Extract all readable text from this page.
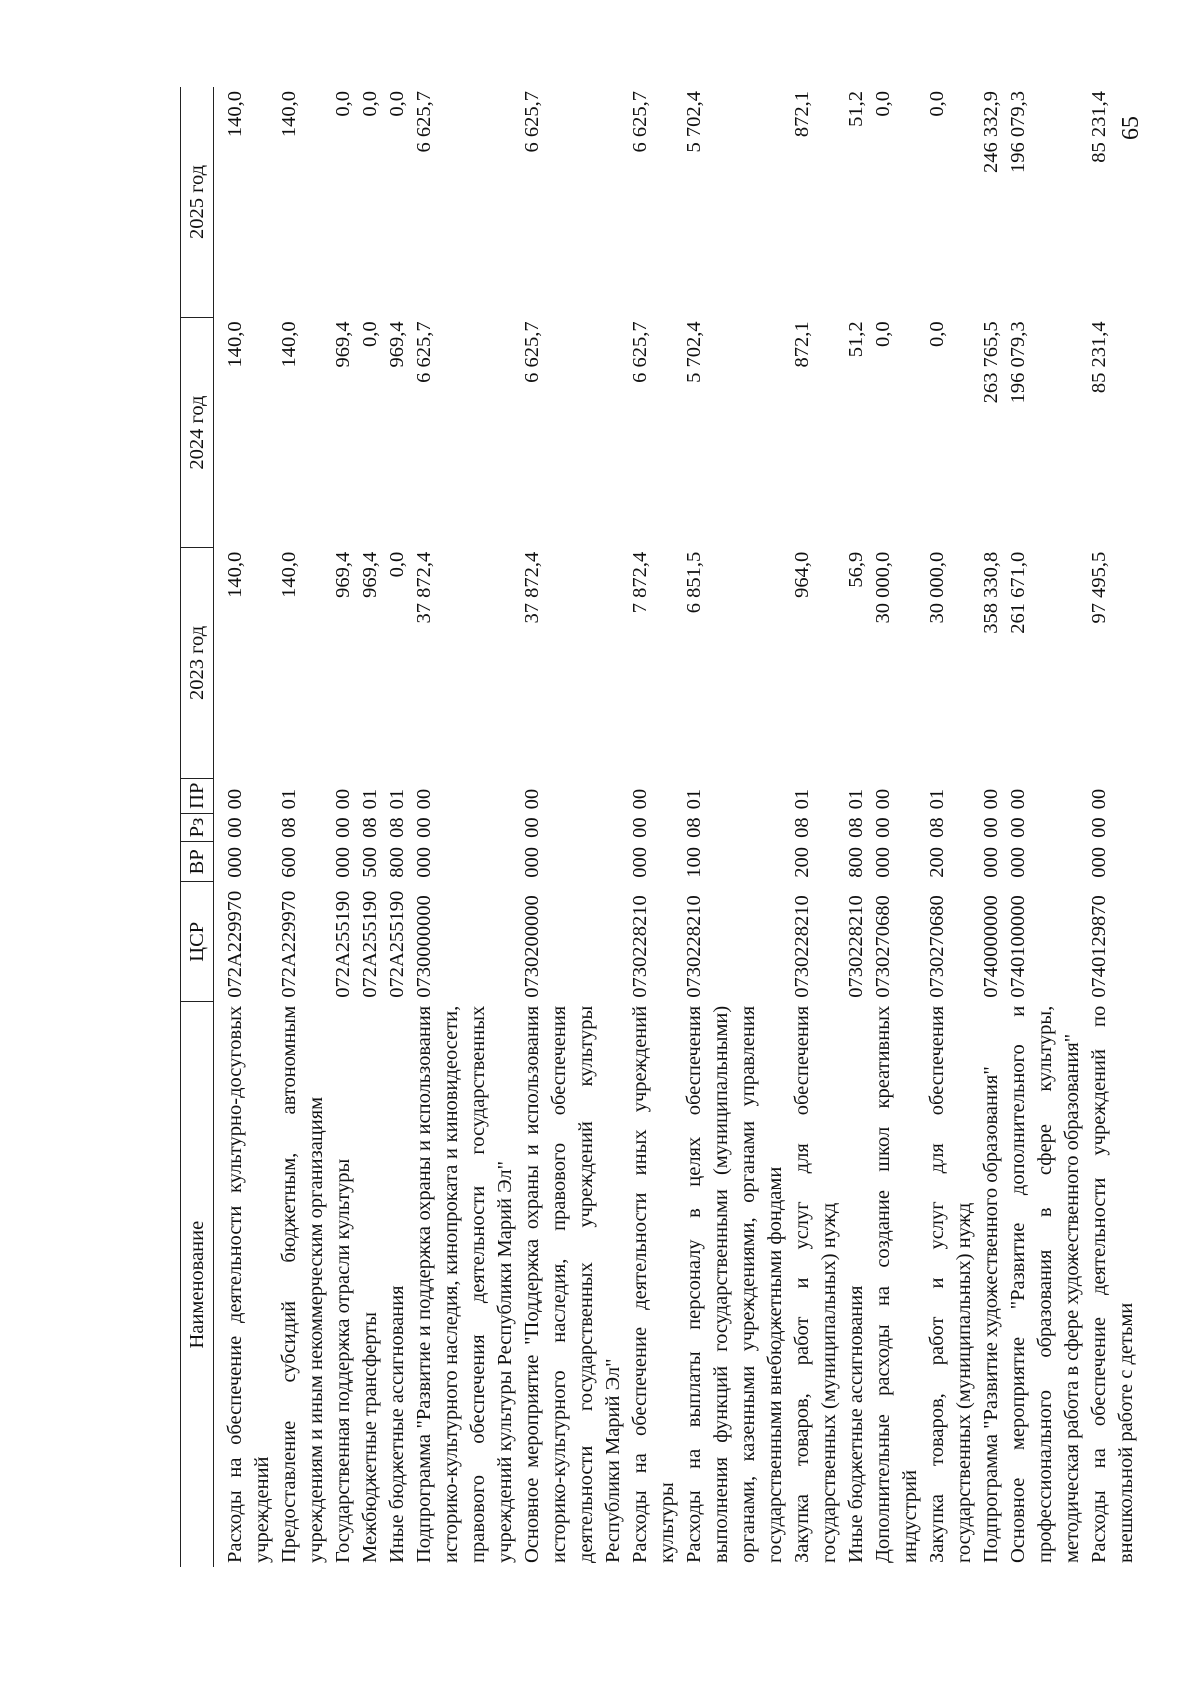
65
Наименование	ЦСР	ВР	Рз	ПР	2023 год	2024 год	2025 год
Расходы на обеспечение деятельности культурно-досуговых учреждений	072A229970	000	00	00	140,0	140,0	140,0
Предоставление субсидий бюджетным, автономным учреждениям и иным некоммерческим организациям	072A229970	600	08	01	140,0	140,0	140,0
Государственная поддержка отрасли культуры	072A255190	000	00	00	969,4	969,4	0,0
Межбюджетные трансферты	072A255190	500	08	01	969,4	0,0	0,0
Иные бюджетные ассигнования	072A255190	800	08	01	0,0	969,4	0,0
Подпрограмма "Развитие и поддержка охраны и использования историко-культурного наследия, кинопроката и киновидеосети, правового обеспечения деятельности государственных учреждений культуры Республики Марий Эл"	0730000000	000	00	00	37 872,4	6 625,7	6 625,7
Основное мероприятие "Поддержка охраны и использования историко-культурного наследия, правового обеспечения деятельности государственных учреждений культуры Республики Марий Эл"	0730200000	000	00	00	37 872,4	6 625,7	6 625,7
Расходы на обеспечение деятельности иных учреждений культуры	0730228210	000	00	00	7 872,4	6 625,7	6 625,7
Расходы на выплаты персоналу в целях обеспечения выполнения функций государственными (муниципальными) органами, казенными учреждениями, органами управления государственными внебюджетными фондами	0730228210	100	08	01	6 851,5	5 702,4	5 702,4
Закупка товаров, работ и услуг для обеспечения государственных (муниципальных) нужд	0730228210	200	08	01	964,0	872,1	872,1
Иные бюджетные ассигнования	0730228210	800	08	01	56,9	51,2	51,2
Дополнительные расходы на создание школ креативных индустрий	0730270680	000	00	00	30 000,0	0,0	0,0
Закупка товаров, работ и услуг для обеспечения государственных (муниципальных) нужд	0730270680	200	08	01	30 000,0	0,0	0,0
Подпрограмма "Развитие художественного образования"	0740000000	000	00	00	358 330,8	263 765,5	246 332,9
Основное мероприятие "Развитие дополнительного и профессионального образования в сфере культуры, методическая работа в сфере художественного образования"	0740100000	000	00	00	261 671,0	196 079,3	196 079,3
Расходы на обеспечение деятельности учреждений по внешкольной работе с детьми	0740129870	000	00	00	97 495,5	85 231,4	85 231,4
